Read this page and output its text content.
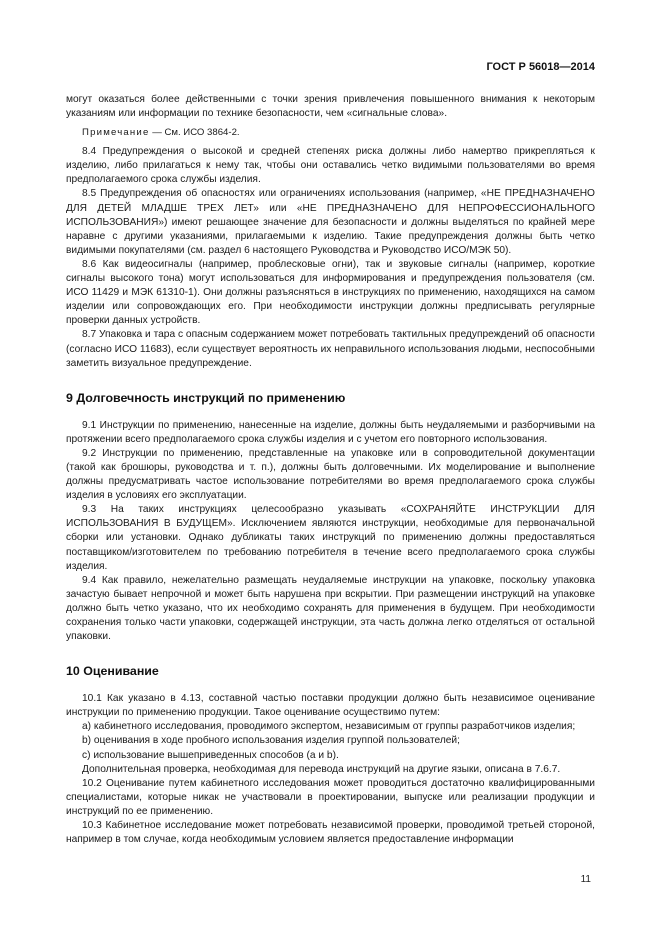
ГОСТ Р 56018—2014

могут оказаться более действенными с точки зрения привлечения повышенного внимания к некоторым указаниям или информации по технике безопасности, чем «сигнальные слова».

Примечание — См. ИСО 3864-2.

8.4 Предупреждения о высокой и средней степенях риска должны либо намертво прикрепляться к изделию, либо прилагаться к нему так, чтобы они оставались четко видимыми пользователями во время предполагаемого срока службы изделия.

8.5 Предупреждения об опасностях или ограничениях использования (например, «НЕ ПРЕДНАЗНАЧЕНО ДЛЯ ДЕТЕЙ МЛАДШЕ ТРЕХ ЛЕТ» или «НЕ ПРЕДНАЗНАЧЕНО ДЛЯ НЕПРОФЕССИОНАЛЬНОГО ИСПОЛЬЗОВАНИЯ») имеют решающее значение для безопасности и должны выделяться по крайней мере наравне с другими указаниями, прилагаемыми к изделию. Такие предупреждения должны быть четко видимыми покупателями (см. раздел 6 настоящего Руководства и Руководство ИСО/МЭК 50).

8.6 Как видеосигналы (например, проблесковые огни), так и звуковые сигналы (например, короткие сигналы высокого тона) могут использоваться для информирования и предупреждения пользователя (см. ИСО 11429 и МЭК 61310-1). Они должны разъясняться в инструкциях по применению, находящихся на самом изделии или сопровождающих его. При необходимости инструкции должны предписывать регулярные проверки данных устройств.

8.7 Упаковка и тара с опасным содержанием может потребовать тактильных предупреждений об опасности (согласно ИСО 11683), если существует вероятность их неправильного использования людьми, неспособными заметить визуальное предупреждение.

9 Долговечность инструкций по применению

9.1 Инструкции по применению, нанесенные на изделие, должны быть неудаляемыми и разборчивыми на протяжении всего предполагаемого срока службы изделия и с учетом его повторного использования.

9.2 Инструкции по применению, представленные на упаковке или в сопроводительной документации (такой как брошюры, руководства и т. п.), должны быть долговечными. Их моделирование и выполнение должны предусматривать частое использование потребителями во время предполагаемого срока службы изделия в условиях его эксплуатации.

9.3 На таких инструкциях целесообразно указывать «СОХРАНЯЙТЕ ИНСТРУКЦИИ ДЛЯ ИСПОЛЬЗОВАНИЯ В БУДУЩЕМ». Исключением являются инструкции, необходимые для первоначальной сборки или установки. Однако дубликаты таких инструкций по применению должны предоставляться поставщиком/изготовителем по требованию потребителя в течение всего предполагаемого срока службы изделия.

9.4 Как правило, нежелательно размещать неудаляемые инструкции на упаковке, поскольку упаковка зачастую бывает непрочной и может быть нарушена при вскрытии. При размещении инструкций на упаковке должно быть четко указано, что их необходимо сохранять для применения в будущем. При необходимости сохранения только части упаковки, содержащей инструкции, эта часть должна легко отделяться от остальной упаковки.

10 Оценивание

10.1 Как указано в 4.13, составной частью поставки продукции должно быть независимое оценивание инструкции по применению продукции. Такое оценивание осуществимо путем:

а) кабинетного исследования, проводимого экспертом, независимым от группы разработчиков изделия;

b) оценивания в ходе пробного использования изделия группой пользователей;

с) использование вышеприведенных способов (а и b).

Дополнительная проверка, необходимая для перевода инструкций на другие языки, описана в 7.6.7.

10.2 Оценивание путем кабинетного исследования может проводиться достаточно квалифицированными специалистами, которые никак не участвовали в проектировании, выпуске или реализации продукции и инструкций по ее применению.

10.3 Кабинетное исследование может потребовать независимой проверки, проводимой третьей стороной, например в том случае, когда необходимым условием является предоставление информации

11
